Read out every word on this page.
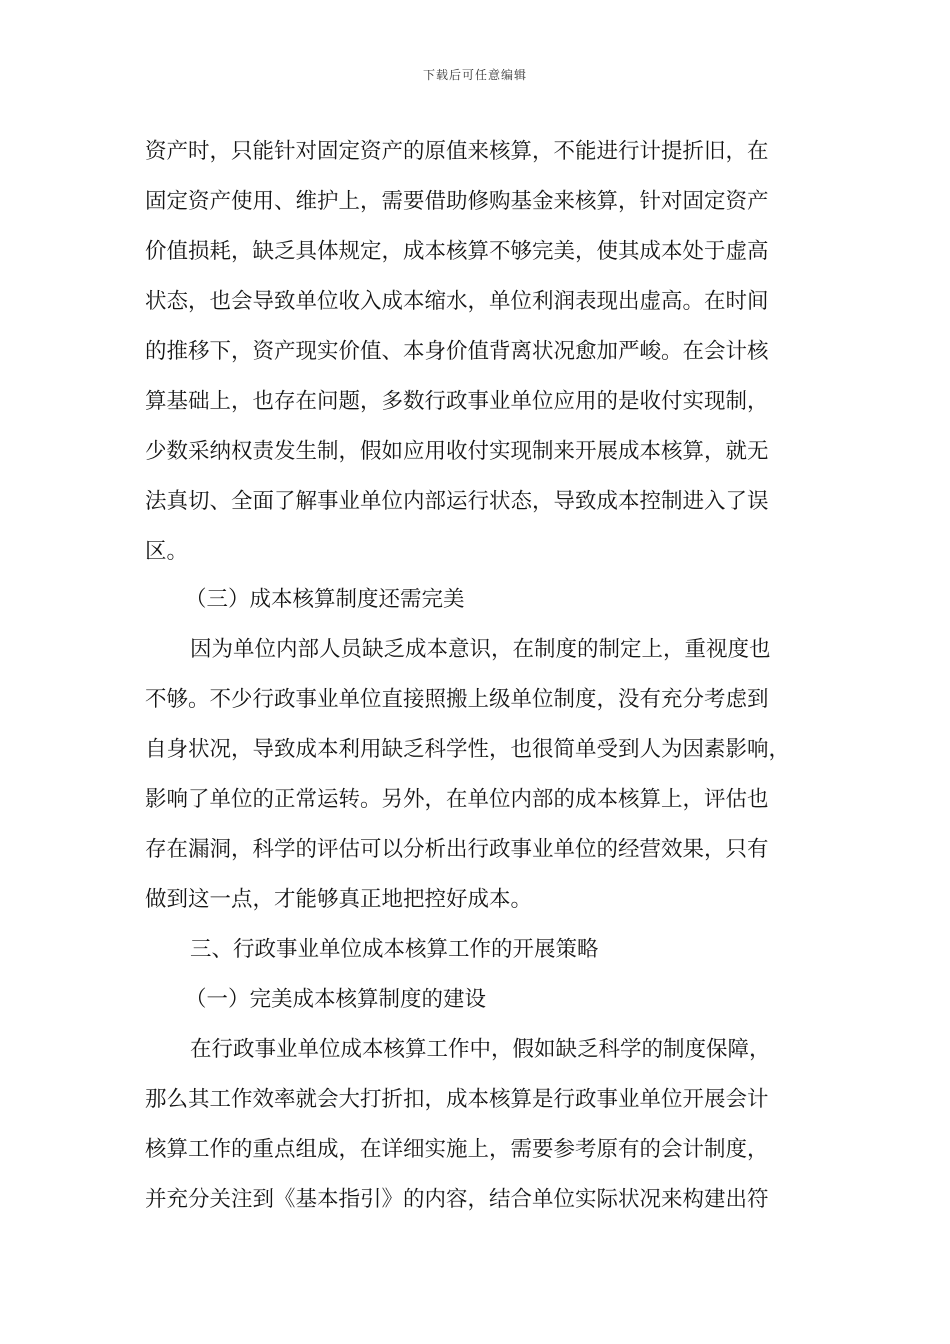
下载后可任意编辑
资产时，只能针对固定资产的原值来核算，不能进行计提折旧，在
固定资产使用、维护上，需要借助修购基金来核算，针对固定资产
价值损耗，缺乏具体规定，成本核算不够完美，使其成本处于虚高
状态，也会导致单位收入成本缩水，单位利润表现出虚高。在时间
的推移下，资产现实价值、本身价值背离状况愈加严峻。在会计核
算基础上，也存在问题，多数行政事业单位应用的是收付实现制，
少数采纳权责发生制，假如应用收付实现制来开展成本核算，就无
法真切、全面了解事业单位内部运行状态，导致成本控制进入了误
区。
（三）成本核算制度还需完美
因为单位内部人员缺乏成本意识，在制度的制定上，重视度也
不够。不少行政事业单位直接照搬上级单位制度，没有充分考虑到
自身状况，导致成本利用缺乏科学性，也很简单受到人为因素影响，
影响了单位的正常运转。另外，在单位内部的成本核算上，评估也
存在漏洞，科学的评估可以分析出行政事业单位的经营效果，只有
做到这一点，才能够真正地把控好成本。
三、行政事业单位成本核算工作的开展策略
（一）完美成本核算制度的建设
在行政事业单位成本核算工作中，假如缺乏科学的制度保障，
那么其工作效率就会大打折扣，成本核算是行政事业单位开展会计
核算工作的重点组成，在详细实施上，需要参考原有的会计制度，
并充分关注到《基本指引》的内容，结合单位实际状况来构建出符
